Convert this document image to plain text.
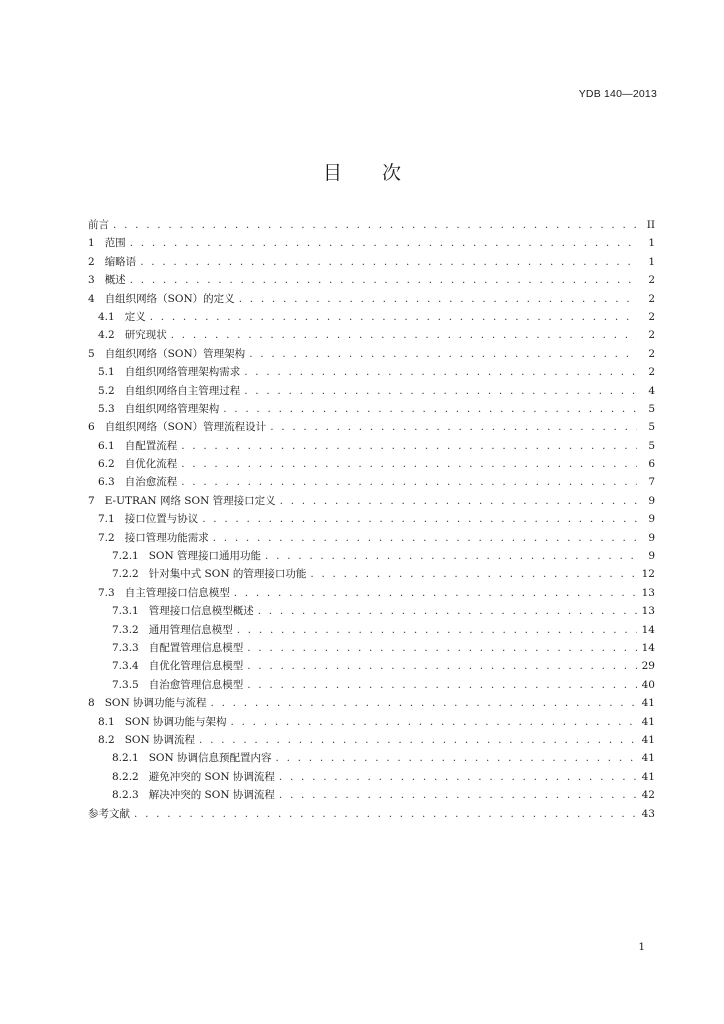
YDB 140—2013
目 次
前言 . . .	II
1 范围 . . .	1
2 缩略语 . . .	1
3 概述 . . .	2
4 自组织网络（SON）的定义 . . .	2
4.1 定义 . . .	2
4.2 研究现状 . . .	2
5 自组织网络（SON）管理架构 . . .	2
5.1 自组织网络管理架构需求 . . .	2
5.2 自组织网络自主管理过程 . . .	4
5.3 自组织网络管理架构 . . .	5
6 自组织网络（SON）管理流程设计 . . .	5
6.1 自配置流程 . . .	5
6.2 自优化流程 . . .	6
6.3 自治愈流程 . . .	7
7 E-UTRAN 网络 SON 管理接口定义 . . .	9
7.1 接口位置与协议 . . .	9
7.2 接口管理功能需求 . . .	9
7.2.1 SON 管理接口通用功能 . . .	9
7.2.2 针对集中式 SON 的管理接口功能 . . .	12
7.3 自主管理接口信息模型 . . .	13
7.3.1 管理接口信息模型概述 . . .	13
7.3.2 通用管理信息模型 . . .	14
7.3.3 自配置管理信息模型 . . .	14
7.3.4 自优化管理信息模型 . . .	29
7.3.5 自治愈管理信息模型 . . .	40
8 SON 协调功能与流程 . . .	41
8.1 SON 协调功能与架构 . . .	41
8.2 SON 协调流程 . . .	41
8.2.1 SON 协调信息预配置内容 . . .	41
8.2.2 避免冲突的 SON 协调流程 . . .	41
8.2.3 解决冲突的 SON 协调流程 . . .	42
参考文献 . . .	43
1
